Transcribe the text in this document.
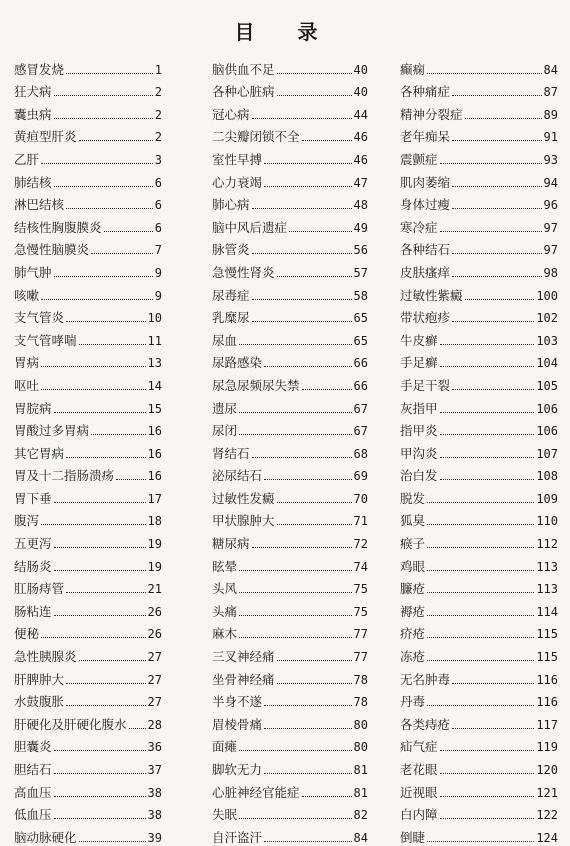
目 录
感冒发烧	1
狂犬病	2
囊虫病	2
黄疸型肝炎	2
乙肝	3
肺结核	6
淋巴结核	6
结核性胸腹膜炎	6
急慢性脑膜炎	7
肺气肿	9
咳嗽	9
支气管炎	10
支气管哮喘	11
胃病	13
呕吐	14
胃脘病	15
胃酸过多胃病	16
其它胃病	16
胃及十二指肠溃疡	16
胃下垂	17
腹泻	18
五更泻	19
结肠炎	19
肛肠痔管	21
肠粘连	26
便秘	26
急性胰腺炎	27
肝脾肿大	27
水鼓腹胀	27
肝硬化及肝硬化腹水 28
胆囊炎	36
胆结石	37
高血压	38
低血压	38
脑动脉硬化	39
脑供血不足	40
各种心脏病	40
冠心病	44
二尖瓣闭锁不全	46
室性早搏	46
心力衰竭	47
肺心病	48
脑中风后遗症	49
脉管炎	56
急慢性肾炎	57
尿毒症	58
乳糜尿	65
尿血	65
尿路感染	66
尿急尿频尿失禁	66
遗尿	67
尿闭	67
肾结石	68
泌尿结石	69
过敏性发癜	70
甲状腺肿大	71
糖尿病	72
眩晕	74
头风	75
头痛	75
麻木	77
三叉神经痛	77
坐骨神经痛	78
半身不遂	78
眉棱骨痛	80
面瘫	80
脚软无力	81
心脏神经官能症	81
失眠	82
自汗盗汗	84
癫痫	84
各种痛症	87
精神分裂症	89
老年痴呆	91
震颤症	93
肌肉萎缩	94
身体过瘦	96
寒冷症	97
各种结石	97
皮肤瘙痒	98
过敏性紫癜	100
带状疱疹	102
牛皮癣	103
手足癣	104
手足干裂	105
灰指甲	106
指甲炎	106
甲沟炎	107
治白发	108
脱发	109
狐臭	110
瘊子	112
鸡眼	113
臁疮	113
褥疮	114
疥疮	115
冻疮	115
无名肿毒	116
丹毒	116
各类痔疮	117
疝气症	119
老花眼	120
近视眼	121
白内障	122
倒睫	124
